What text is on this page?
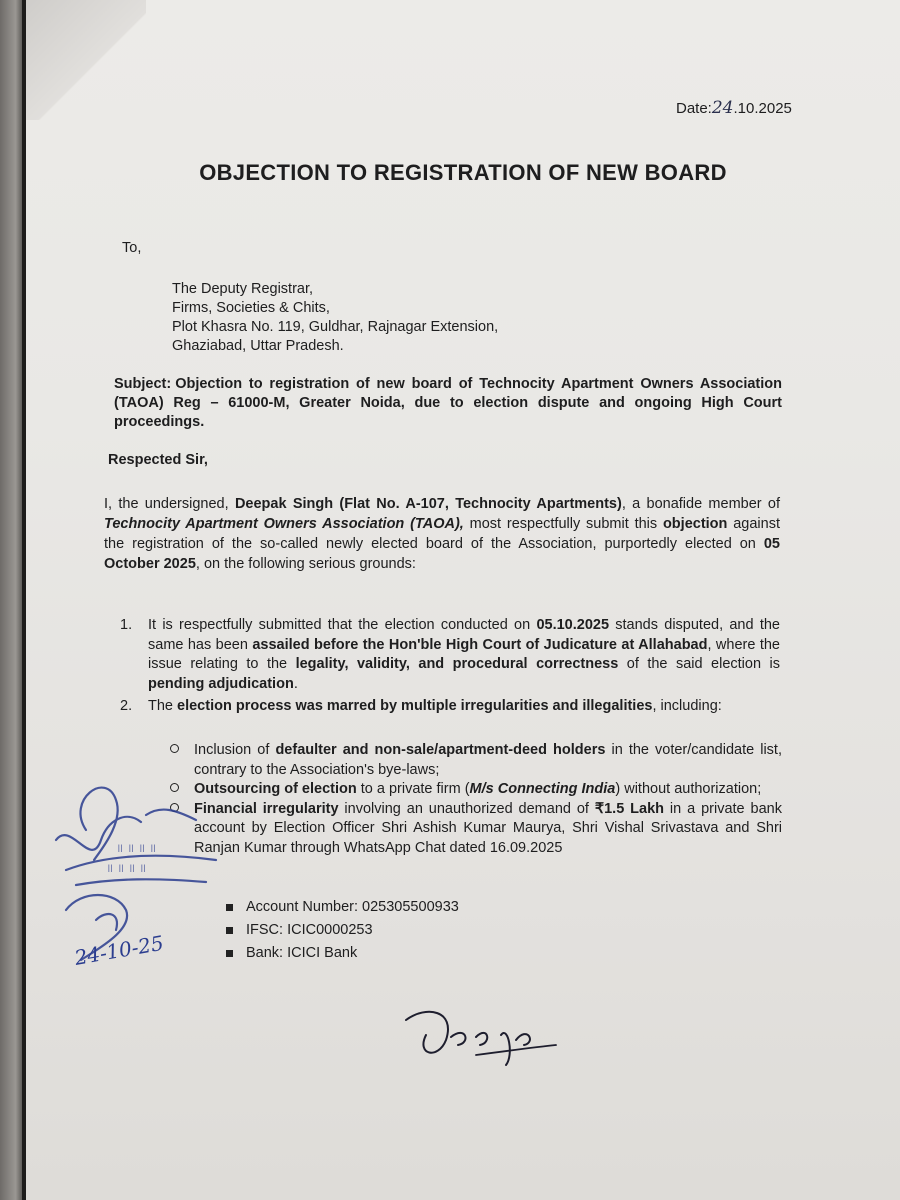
Date:24.10.2025
OBJECTION TO REGISTRATION OF NEW BOARD
To,
The Deputy Registrar,
Firms, Societies & Chits,
Plot Khasra No. 119, Guldhar, Rajnagar Extension,
Ghaziabad, Uttar Pradesh.
Subject: Objection to registration of new board of Technocity Apartment Owners Association (TAOA) Reg – 61000-M, Greater Noida, due to election dispute and ongoing High Court proceedings.
Respected Sir,
I, the undersigned, Deepak Singh (Flat No. A-107, Technocity Apartments), a bonafide member of Technocity Apartment Owners Association (TAOA), most respectfully submit this objection against the registration of the so-called newly elected board of the Association, purportedly elected on 05 October 2025, on the following serious grounds:
1. It is respectfully submitted that the election conducted on 05.10.2025 stands disputed, and the same has been assailed before the Hon'ble High Court of Judicature at Allahabad, where the issue relating to the legality, validity, and procedural correctness of the said election is pending adjudication.
2. The election process was marred by multiple irregularities and illegalities, including:
Inclusion of defaulter and non-sale/apartment-deed holders in the voter/candidate list, contrary to the Association's bye-laws;
Outsourcing of election to a private firm (M/s Connecting India) without authorization;
Financial irregularity involving an unauthorized demand of ₹1.5 Lakh in a private bank account by Election Officer Shri Ashish Kumar Maurya, Shri Vishal Srivastava and Shri Ranjan Kumar through WhatsApp Chat dated 16.09.2025
Account Number: 025305500933
IFSC: ICIC0000253
Bank: ICICI Bank
॥ ॥ ॥ ॥
॥ ॥ ॥ ॥
24-10-25
Deepak
